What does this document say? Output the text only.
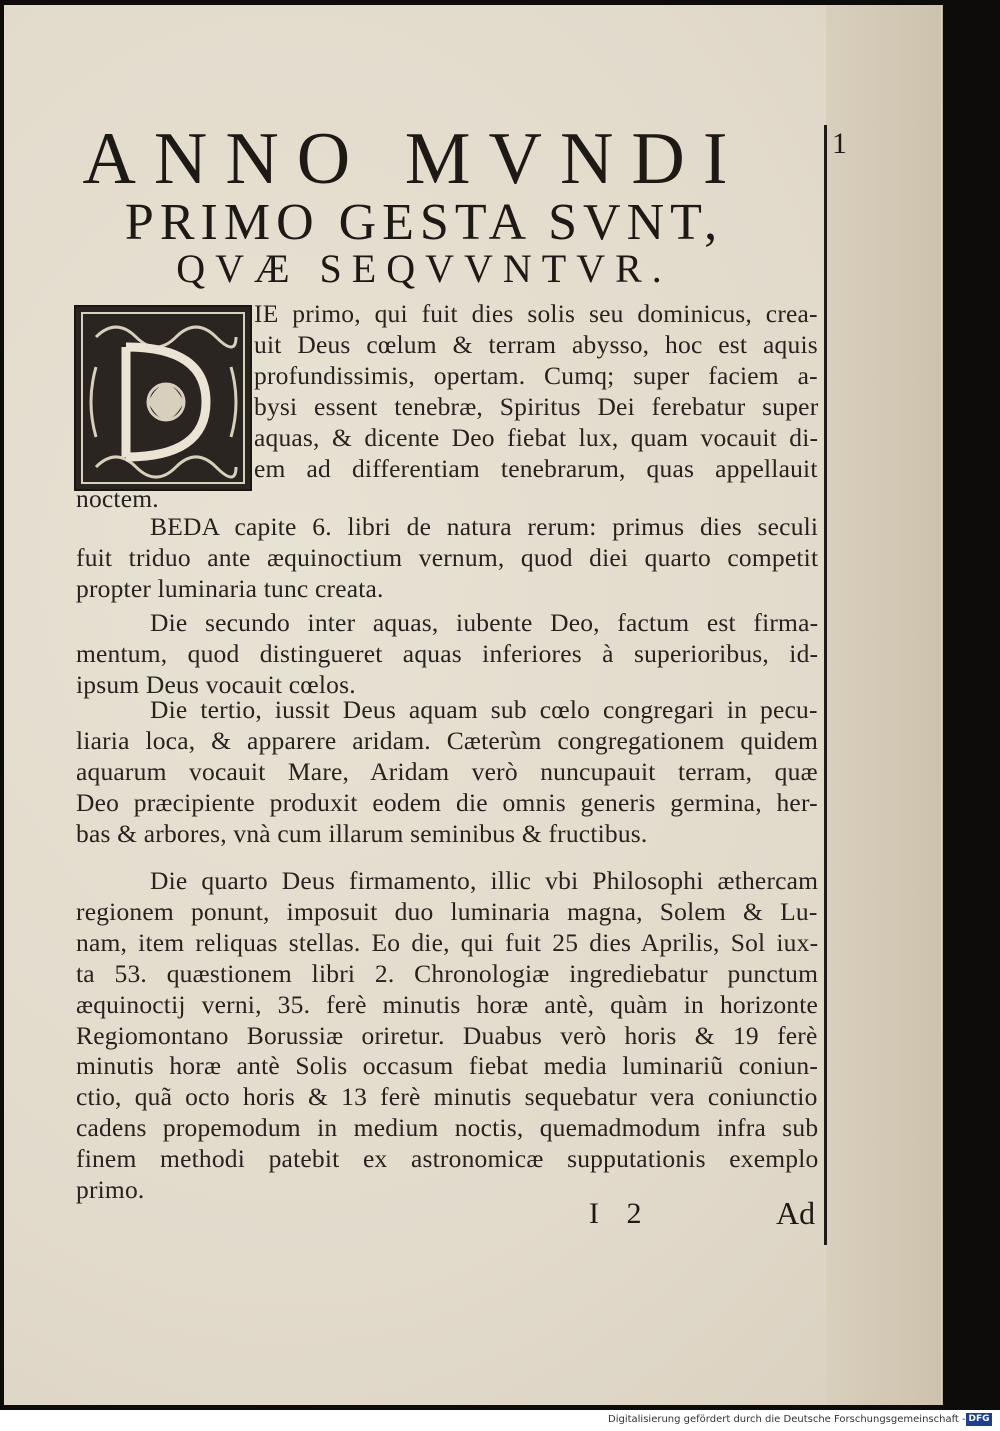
ANNO MVNDI
PRIMO GESTA SVNT,
QVÆ SEQVVNTVR.
1
IE primo, qui fuit dies solis seu dominicus, crea-
uit Deus cœlum & terram abysso, hoc est aquis
profundissimis, opertam. Cumq; super faciem a-
bysi essent tenebræ, Spiritus Dei ferebatur super
aquas, & dicente Deo fiebat lux, quam vocauit di-
em ad differentiam tenebrarum, quas appellauit
noctem.
BEDA capite 6. libri de natura rerum: primus dies seculi
fuit triduo ante æquinoctium vernum, quod diei quarto competit
propter luminaria tunc creata.
Die secundo inter aquas, iubente Deo, factum est firma-
mentum, quod distingueret aquas inferiores à superioribus, id-
ipsum Deus vocauit cœlos.
Die tertio, iussit Deus aquam sub cœlo congregari in pecu-
liaria loca, & apparere aridam. Cæterùm congregationem quidem
aquarum vocauit Mare, Aridam verò nuncupauit terram, quæ
Deo præcipiente produxit eodem die omnis generis germina, her-
bas & arbores, vnà cum illarum seminibus & fructibus.
Die quarto Deus firmamento, illic vbi Philosophi æthercam
regionem ponunt, imposuit duo luminaria magna, Solem & Lu-
nam, item reliquas stellas. Eo die, qui fuit 25 dies Aprilis, Sol iux-
ta 53. quæstionem libri 2. Chronologiæ ingrediebatur punctum
æquinoctij verni, 35. ferè minutis horæ antè, quàm in horizonte
Regiomontano Borussiæ oriretur. Duabus verò horis & 19 ferè
minutis horæ antè Solis occasum fiebat media luminariũ coniun-
ctio, quã octo horis & 13 ferè minutis sequebatur vera coniunctio
cadens propemodum in medium noctis, quemadmodum infra sub
finem methodi patebit ex astronomicæ supputationis exemplo
primo.
I 2	Ad
Digitalisierung gefördert durch die Deutsche Forschungsgemeinschaft - DFG
